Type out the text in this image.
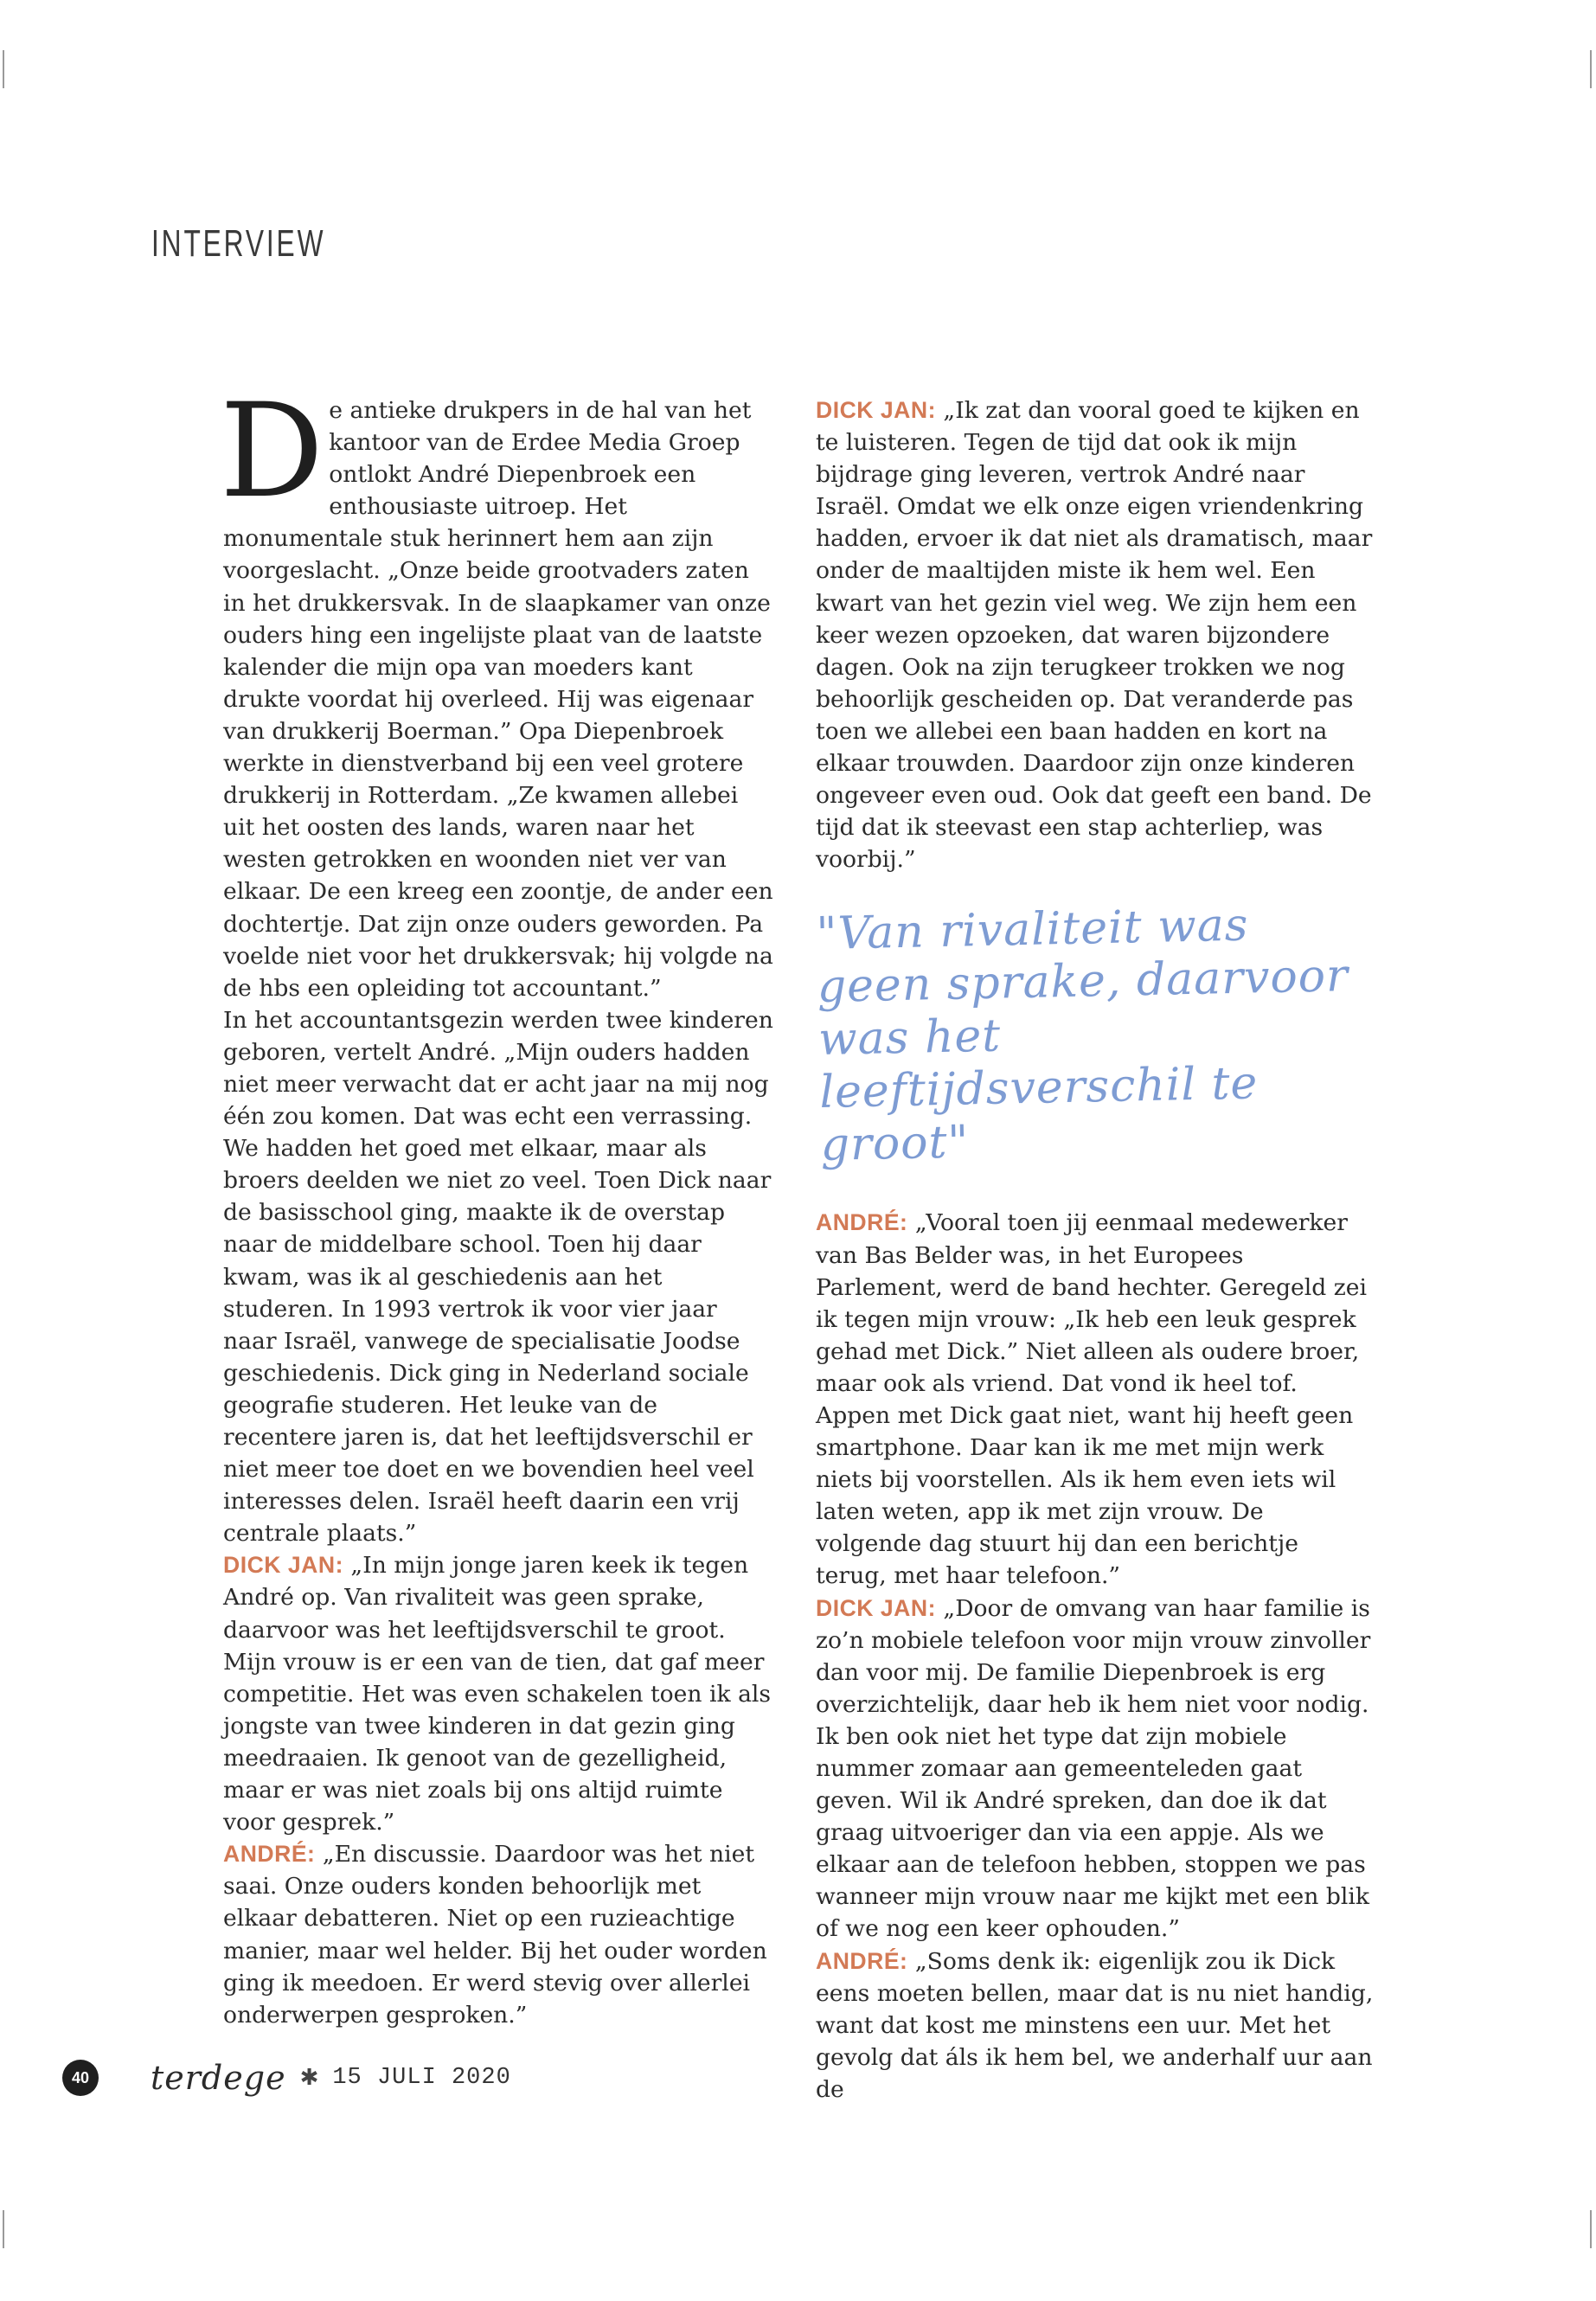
INTERVIEW

De antieke drukpers in de hal van het kantoor van de Erdee Media Groep ontlokt André Diepenbroek een enthousiaste uitroep. Het monumentale stuk herinnert hem aan zijn voorgeslacht. „Onze beide grootvaders zaten in het drukkersvak. In de slaapkamer van onze ouders hing een ingelijste plaat van de laatste kalender die mijn opa van moeders kant drukte voordat hij overleed. Hij was eigenaar van drukkerij Boerman.” Opa Diepenbroek werkte in dienstverband bij een veel grotere drukkerij in Rotterdam. „Ze kwamen allebei uit het oosten des lands, waren naar het westen getrokken en woonden niet ver van elkaar. De een kreeg een zoontje, de ander een dochtertje. Dat zijn onze ouders geworden. Pa voelde niet voor het drukkersvak; hij volgde na de hbs een opleiding tot accountant.”

In het accountantsgezin werden twee kinderen geboren, vertelt André. „Mijn ouders hadden niet meer verwacht dat er acht jaar na mij nog één zou komen. Dat was echt een verrassing. We hadden het goed met elkaar, maar als broers deelden we niet zo veel. Toen Dick naar de basisschool ging, maakte ik de overstap naar de middelbare school. Toen hij daar kwam, was ik al geschiedenis aan het studeren. In 1993 vertrok ik voor vier jaar naar Israël, vanwege de specialisatie Joodse geschiedenis. Dick ging in Nederland sociale geografie studeren. Het leuke van de recentere jaren is, dat het leeftijdsverschil er niet meer toe doet en we bovendien heel veel interesses delen. Israël heeft daarin een vrij centrale plaats.”

DICK JAN: „In mijn jonge jaren keek ik tegen André op. Van rivaliteit was geen sprake, daarvoor was het leeftijdsverschil te groot. Mijn vrouw is er een van de tien, dat gaf meer competitie. Het was even schakelen toen ik als jongste van twee kinderen in dat gezin ging meedraaien. Ik genoot van de gezelligheid, maar er was niet zoals bij ons altijd ruimte voor gesprek.”

ANDRÉ: „En discussie. Daardoor was het niet saai. Onze ouders konden behoorlijk met elkaar debatteren. Niet op een ruzieachtige manier, maar wel helder. Bij het ouder worden ging ik meedoen. Er werd stevig over allerlei onderwerpen gesproken.”

DICK JAN: „Ik zat dan vooral goed te kijken en te luisteren. Tegen de tijd dat ook ik mijn bijdrage ging leveren, vertrok André naar Israël. Omdat we elk onze eigen vriendenkring hadden, ervoer ik dat niet als dramatisch, maar onder de maaltijden miste ik hem wel. Een kwart van het gezin viel weg. We zijn hem een keer wezen opzoeken, dat waren bijzondere dagen. Ook na zijn terugkeer trokken we nog behoorlijk gescheiden op. Dat veranderde pas toen we allebei een baan hadden en kort na elkaar trouwden. Daardoor zijn onze kinderen ongeveer even oud. Ook dat geeft een band. De tijd dat ik steevast een stap achterliep, was voorbij.”

"Van rivaliteit was geen sprake, daarvoor was het leeftijdsverschil te groot"

ANDRÉ: „Vooral toen jij eenmaal medewerker van Bas Belder was, in het Europees Parlement, werd de band hechter. Geregeld zei ik tegen mijn vrouw: „Ik heb een leuk gesprek gehad met Dick.” Niet alleen als oudere broer, maar ook als vriend. Dat vond ik heel tof. Appen met Dick gaat niet, want hij heeft geen smartphone. Daar kan ik me met mijn werk niets bij voorstellen. Als ik hem even iets wil laten weten, app ik met zijn vrouw. De volgende dag stuurt hij dan een berichtje terug, met haar telefoon.”

DICK JAN: „Door de omvang van haar familie is zo’n mobiele telefoon voor mijn vrouw zinvoller dan voor mij. De familie Diepenbroek is erg overzichtelijk, daar heb ik hem niet voor nodig. Ik ben ook niet het type dat zijn mobiele nummer zomaar aan gemeenteleden gaat geven. Wil ik André spreken, dan doe ik dat graag uitvoeriger dan via een appje. Als we elkaar aan de telefoon hebben, stoppen we pas wanneer mijn vrouw naar me kijkt met een blik of we nog een keer ophouden.”

ANDRÉ: „Soms denk ik: eigenlijk zou ik Dick eens moeten bellen, maar dat is nu niet handig, want dat kost me minstens een uur. Met het gevolg dat áls ik hem bel, we anderhalf uur aan de

40 terdege ✱ 15 JULI 2020
